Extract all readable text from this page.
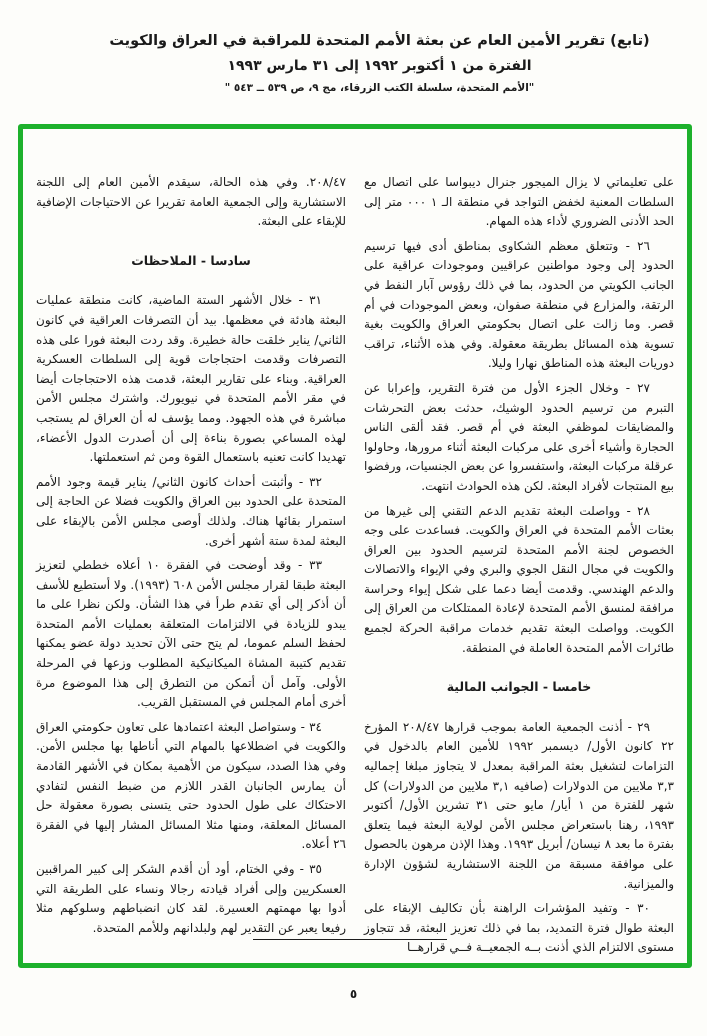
(تابع) تقرير الأمين العام عن بعثة الأمم المتحدة للمراقبة في العراق والكويت
الفترة من ١ أكتوبر ١٩٩٢ إلى ٣١ مارس ١٩٩٣
"الأمم المتحدة، سلسلة الكتب الزرقاء، مج ٩، ص ٥٣٩ ــ ٥٤٣ "

على تعليماتي لا يزال الميجور جنرال ديبواسا على اتصال مع السلطات المعنية لخفض التواجد في منطقة الـ ١ ٠٠٠ متر إلى الحد الأدنى الضروري لأداء هذه المهام.

٢٦ - وتتعلق معظم الشكاوى بمناطق أدى فيها ترسيم الحدود إلى وجود مواطنين عراقيين وموجودات عراقية على الجانب الكويتي من الحدود، بما في ذلك رؤوس آبار النفط في الرتقة، والمزارع في منطقة صفوان، وبعض الموجودات في أم قصر. وما زالت على اتصال بحكومتي العراق والكويت بغية تسوية هذه المسائل بطريقة معقولة. وفي هذه الأثناء، تراقب دوريات البعثة هذه المناطق نهارا وليلا.

٢٧ - وخلال الجزء الأول من فترة التقرير، وإعرابا عن التبرم من ترسيم الحدود الوشيك، حدثت بعض التحرشات والمضايقات لموظفي البعثة في أم قصر. فقد ألقى الناس الحجارة وأشياء أخرى على مركبات البعثة أثناء مرورها، وحاولوا عرقلة مركبات البعثة، واستفسروا عن بعض الجنسيات، ورفضوا بيع المنتجات لأفراد البعثة. لكن هذه الحوادث انتهت.

٢٨ - وواصلت البعثة تقديم الدعم التقني إلى غيرها من بعثات الأمم المتحدة في العراق والكويت. فساعدت على وجه الخصوص لجنة الأمم المتحدة لترسيم الحدود بين العراق والكويت في مجال النقل الجوي والبري وفي الإيواء والاتصالات والدعم الهندسي. وقدمت أيضا دعما على شكل إيواء وحراسة مرافقة لمنسق الأمم المتحدة لإعادة الممتلكات من العراق إلى الكويت. وواصلت البعثة تقديم خدمات مراقبة الحركة لجميع طائرات الأمم المتحدة العاملة في المنطقة.

خامسا - الجوانب المالية

٢٩ - أذنت الجمعية العامة بموجب قرارها ٢٠٨/٤٧ المؤرخ ٢٢ كانون الأول/ ديسمبر ١٩٩٢ للأمين العام بالدخول في التزامات لتشغيل بعثة المراقبة بمعدل لا يتجاوز مبلغا إجماليه ٣,٣ ملايين من الدولارات (صافيه ٣,١ ملايين من الدولارات) كل شهر للفترة من ١ أيار/ مايو حتى ٣١ تشرين الأول/ أكتوبر ١٩٩٣، رهنا باستعراض مجلس الأمن لولاية البعثة فيما يتعلق بفترة ما بعد ٨ نيسان/ أبريل ١٩٩٣. وهذا الإذن مرهون بالحصول على موافقة مسبقة من اللجنة الاستشارية لشؤون الإدارة والميزانية.

٣٠ - وتفيد المؤشرات الراهنة بأن تكاليف الإبقاء على البعثة طوال فترة التمديد، بما في ذلك تعزيز البعثة، قد تتجاوز مستوى الالتزام الذي أذنت بــه الجمعيــة فــي قرارهــا

٢٠٨/٤٧. وفي هذه الحالة، سيقدم الأمين العام إلى اللجنة الاستشارية وإلى الجمعية العامة تقريرا عن الاحتياجات الإضافية للإبقاء على البعثة.

سادسا - الملاحظات

٣١ - خلال الأشهر الستة الماضية، كانت منطقة عمليات البعثة هادئة في معظمها. بيد أن التصرفات العراقية في كانون الثاني/ يناير خلقت حالة خطيرة. وقد ردت البعثة فورا على هذه التصرفات وقدمت احتجاجات قوية إلى السلطات العسكرية العراقية. وبناء على تقارير البعثة، قدمت هذه الاحتجاجات أيضا في مقر الأمم المتحدة في نيويورك. واشترك مجلس الأمن مباشرة في هذه الجهود. ومما يؤسف له أن العراق لم يستجب لهذه المساعي بصورة بناءة إلى أن أصدرت الدول الأعضاء، تهديدا كانت تعنيه باستعمال القوة ومن ثم استعملتها.

٣٢ - وأثبتت أحداث كانون الثاني/ يناير قيمة وجود الأمم المتحدة على الحدود بين العراق والكويت فضلا عن الحاجة إلى استمرار بقائها هناك. ولذلك أوصى مجلس الأمن بالإبقاء على البعثة لمدة ستة أشهر أخرى.

٣٣ - وقد أوضحت في الفقرة ١٠ أعلاه خططي لتعزيز البعثة طبقا لقرار مجلس الأمن ٦٠٨ (١٩٩٣). ولا أستطيع للأسف أن أذكر إلى أي تقدم طرأ في هذا الشأن. ولكن نظرا على ما يبدو للزيادة في الالتزامات المتعلقة بعمليات الأمم المتحدة لحفظ السلم عموما، لم يتح حتى الآن تحديد دولة عضو يمكنها تقديم كتيبة المشاة الميكانيكية المطلوب وزعها في المرحلة الأولى. وآمل أن أتمكن من التطرق إلى هذا الموضوع مرة أخرى أمام المجلس في المستقبل القريب.

٣٤ - وستواصل البعثة اعتمادها على تعاون حكومتي العراق والكويت في اضطلاعها بالمهام التي أناطها بها مجلس الأمن. وفي هذا الصدد، سيكون من الأهمية بمكان في الأشهر القادمة أن يمارس الجانبان القدر اللازم من ضبط النفس لتفادي الاحتكاك على طول الحدود حتى يتسنى بصورة معقولة حل المسائل المعلقة، ومنها مثلا المسائل المشار إليها في الفقرة ٢٦ أعلاه.

٣٥ - وفي الختام، أود أن أقدم الشكر إلى كبير المراقبين العسكريين وإلى أفراد قيادته رجالا ونساء على الطريقة التي أدوا بها مهمتهم العسيرة. لقد كان انضباطهم وسلوكهم مثلا رفيعا يعبر عن التقدير لهم ولبلدانهم وللأمم المتحدة.

٥
